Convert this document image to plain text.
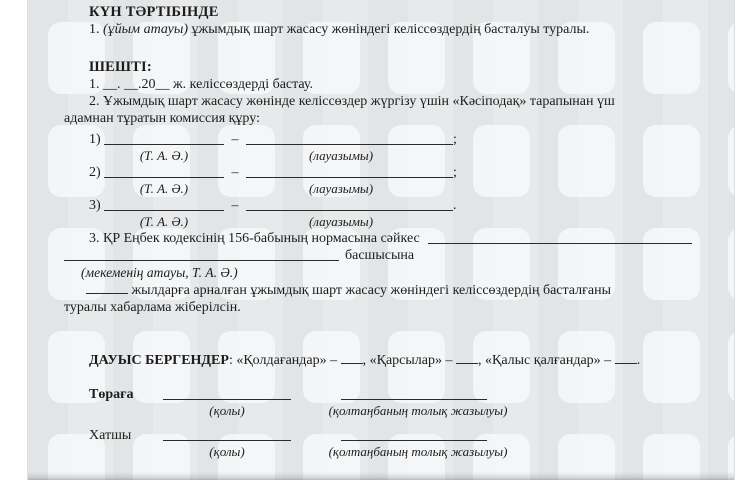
КҮН ТӘРТІБІНДЕ
1. (ұйым атауы) ұжымдық шарт жасасу жөніндегі келіссөздердің басталуы туралы.
ШЕШТІ:
1. __. __.20__ ж. келіссөздерді бастау.
2. Ұжымдық шарт жасасу жөнінде келіссөздер жүргізу үшін «Кәсіподақ» тарапынан үш
адамнан тұратын комиссия құру:
1)	–	;
(Т. А. Ә.)	(лауазымы)
2)	–	;
(Т. А. Ә.)	(лауазымы)
3)	–	.
(Т. А. Ә.)	(лауазымы)
3. ҚР Еңбек кодексінің 156-бабының нормасына сәйкес
басшысына
(мекеменің атауы, Т. А. Ә.)
жылдарға арналған ұжымдық шарт жасасу жөніндегі келіссөздердің басталғаны
туралы хабарлама жіберілсін.
ДАУЫС БЕРГЕНДЕР: «Қолдағандар» – , «Қарсылар» – , «Қалыс қалғандар» – .
Төраға
(қолы)	(қолтаңбаның толық жазылуы)
Хатшы
(қолы)	(қолтаңбаның толық жазылуы)
